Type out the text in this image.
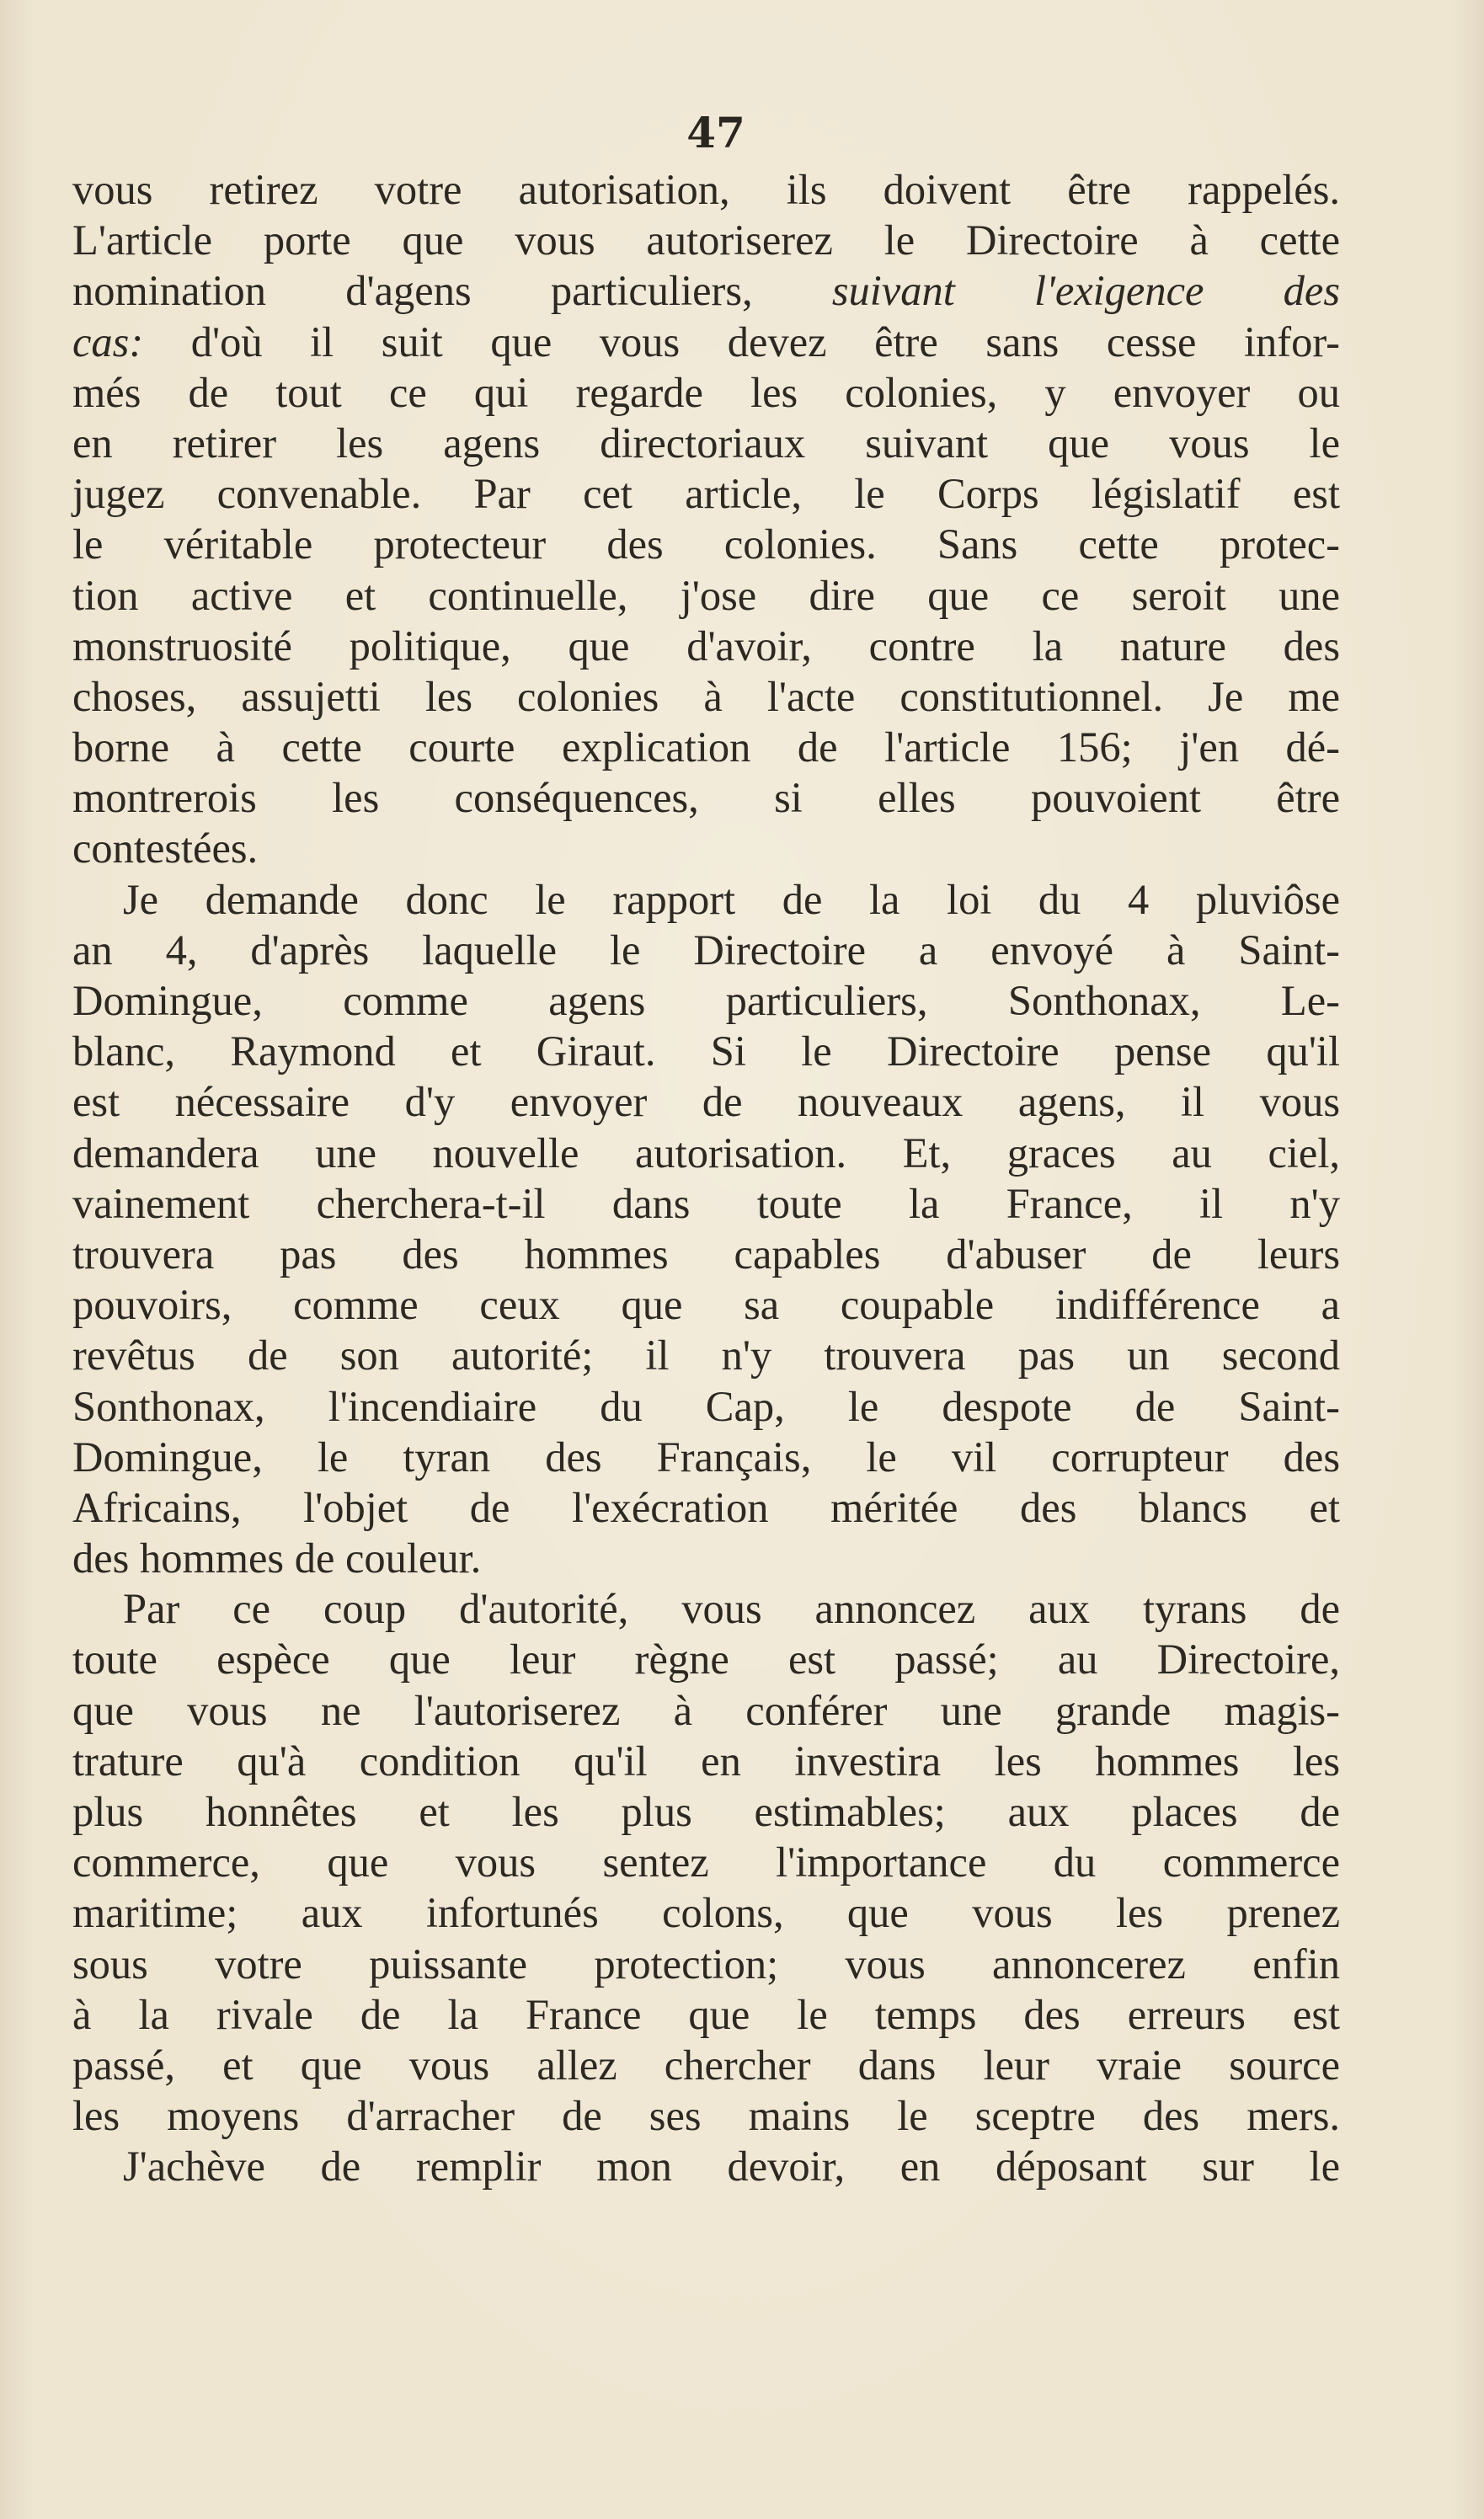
47
vous retirez votre autorisation, ils doivent être rappelés.
L'article porte que vous autoriserez le Directoire à cette
nomination d'agens particuliers, suivant l'exigence des
cas: d'où il suit que vous devez être sans cesse infor-
més de tout ce qui regarde les colonies, y envoyer ou
en retirer les agens directoriaux suivant que vous le
jugez convenable. Par cet article, le Corps législatif est
le véritable protecteur des colonies. Sans cette protec-
tion active et continuelle, j'ose dire que ce seroit une
monstruosité politique, que d'avoir, contre la nature des
choses, assujetti les colonies à l'acte constitutionnel. Je me
borne à cette courte explication de l'article 156; j'en dé-
montrerois les conséquences, si elles pouvoient être
contestées.
Je demande donc le rapport de la loi du 4 pluviôse
an 4, d'après laquelle le Directoire a envoyé à Saint-
Domingue, comme agens particuliers, Sonthonax, Le-
blanc, Raymond et Giraut. Si le Directoire pense qu'il
est nécessaire d'y envoyer de nouveaux agens, il vous
demandera une nouvelle autorisation. Et, graces au ciel,
vainement cherchera-t-il dans toute la France, il n'y
trouvera pas des hommes capables d'abuser de leurs
pouvoirs, comme ceux que sa coupable indifférence a
revêtus de son autorité; il n'y trouvera pas un second
Sonthonax, l'incendiaire du Cap, le despote de Saint-
Domingue, le tyran des Français, le vil corrupteur des
Africains, l'objet de l'exécration méritée des blancs et
des hommes de couleur.
Par ce coup d'autorité, vous annoncez aux tyrans de
toute espèce que leur règne est passé; au Directoire,
que vous ne l'autoriserez à conférer une grande magis-
trature qu'à condition qu'il en investira les hommes les
plus honnêtes et les plus estimables; aux places de
commerce, que vous sentez l'importance du commerce
maritime; aux infortunés colons, que vous les prenez
sous votre puissante protection; vous annoncerez enfin
à la rivale de la France que le temps des erreurs est
passé, et que vous allez chercher dans leur vraie source
les moyens d'arracher de ses mains le sceptre des mers.
J'achève de remplir mon devoir, en déposant sur le
